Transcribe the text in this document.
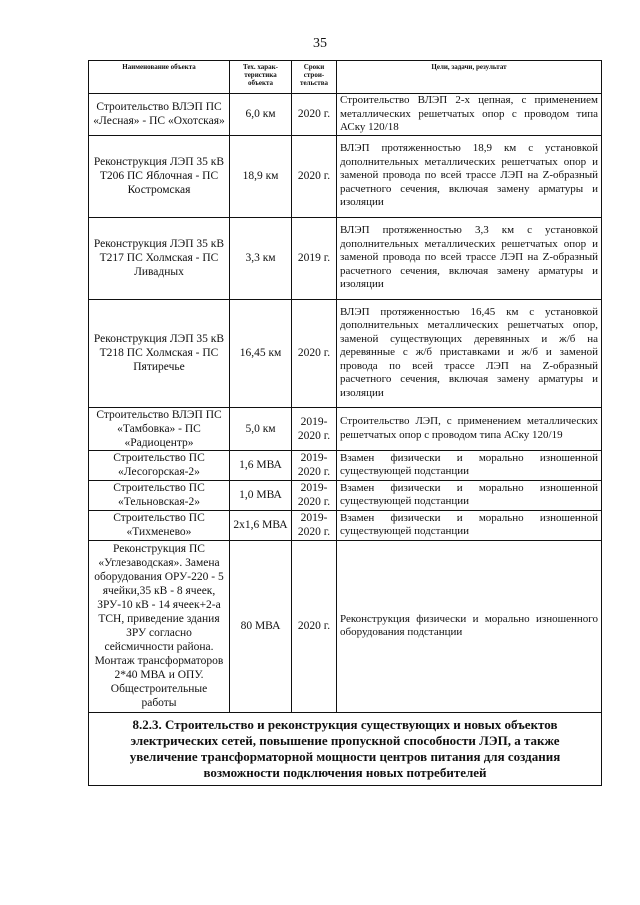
35
Наименование объекта	Тех. харак-теристика объекта	Сроки строи-тельства	Цели, задачи, результат
Строительство ВЛЭП ПС «Лесная» - ПС «Охотская»	6,0 км	2020 г.	Строительство ВЛЭП 2-х цепная, с применением металлических решетчатых опор с проводом типа АСку 120/18
Реконструкция ЛЭП 35 кВ Т206 ПС Яблочная - ПС Костромская	18,9 км	2020 г.	ВЛЭП протяженностью 18,9 км с установкой дополнительных металлических решетчатых опор и заменой провода по всей трассе ЛЭП на Z-образный расчетного сечения, включая замену арматуры и изоляции
Реконструкция ЛЭП 35 кВ Т217 ПС Холмская - ПС Ливадных	3,3 км	2019 г.	ВЛЭП протяженностью 3,3 км с установкой дополнительных металлических решетчатых опор и заменой провода по всей трассе ЛЭП на Z-образный расчетного сечения, включая замену арматуры и изоляции
Реконструкция ЛЭП 35 кВ Т218 ПС Холмская - ПС Пятиречье	16,45 км	2020 г.	ВЛЭП протяженностью 16,45 км с установкой дополнительных металлических решетчатых опор, заменой существующих деревянных и ж/б на деревянные с ж/б приставками и ж/б и заменой провода по всей трассе ЛЭП на Z-образный расчетного сечения, включая замену арматуры и изоляции
Строительство ВЛЭП ПС «Тамбовка» - ПС «Радиоцентр»	5,0 км	2019-2020 г.	Строительство ЛЭП, с применением металлических решетчатых опор с проводом типа АСку 120/19
Строительство ПС «Лесогорская-2»	1,6 МВА	2019-2020 г.	Взамен физически и морально изношенной существующей подстанции
Строительство ПС «Тельновская-2»	1,0 МВА	2019-2020 г.	Взамен физически и морально изношенной существующей подстанции
Строительство ПС «Тихменево»	2х1,6 МВА	2019-2020 г.	Взамен физически и морально изношенной существующей подстанции
Реконструкция ПС «Углезаводская». Замена оборудования ОРУ-220 - 5 ячейки,35 кВ - 8 ячеек, ЗРУ-10 кВ - 14 ячеек+2-а ТСН, приведение здания ЗРУ согласно сейсмичности района. Монтаж трансформаторов 2*40 МВА и ОПУ. Общестроительные работы	80 МВА	2020 г.	Реконструкция физически и морально изношенного оборудования подстанции
8.2.3. Строительство и реконструкция существующих и новых объектов электрических сетей, повышение пропускной способности ЛЭП, а также увеличение трансформаторной мощности центров питания для создания возможности подключения новых потребителей			
